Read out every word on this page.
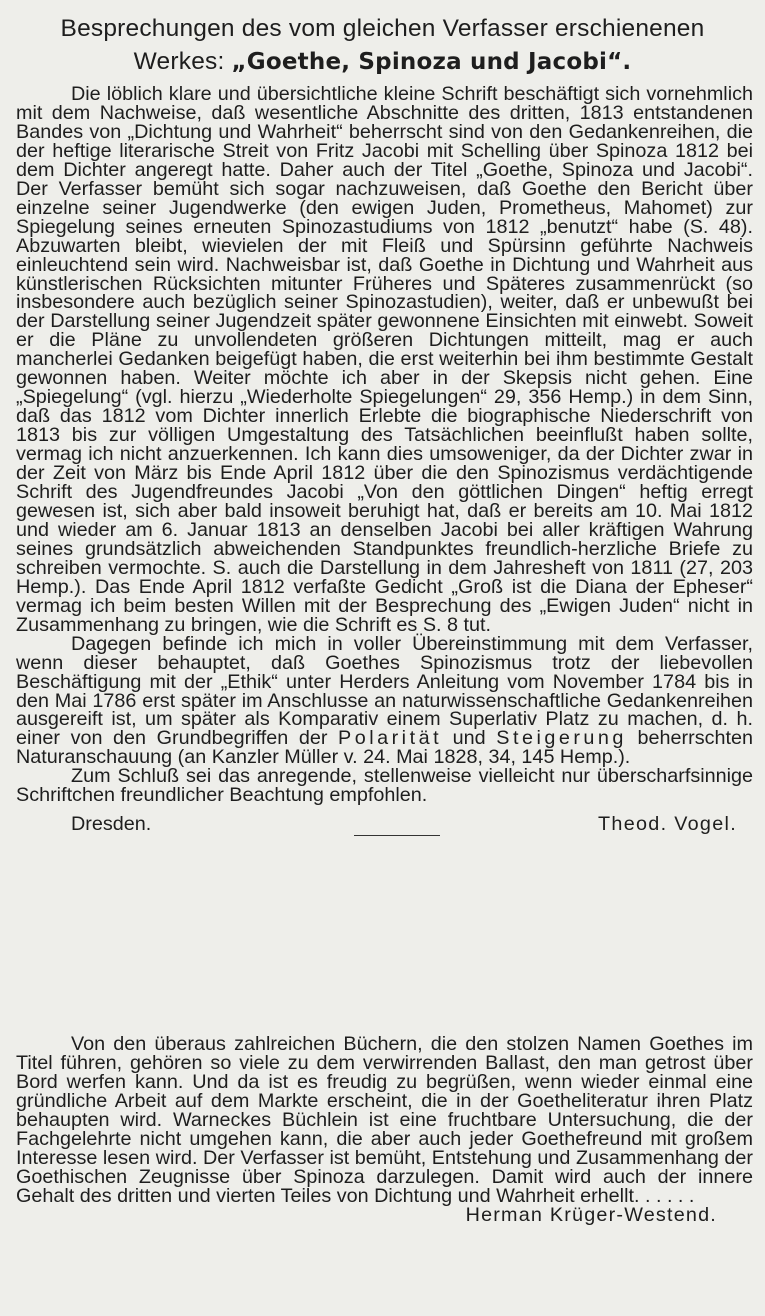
Besprechungen des vom gleichen Verfasser erschienenen
Werkes: „Goethe, Spinoza und Jacobi“.

Die löblich klare und übersichtliche kleine Schrift beschäftigt sich vornehmlich mit dem Nachweise, daß wesentliche Abschnitte des dritten, 1813 entstandenen Bandes von „Dichtung und Wahrheit“ beherrscht sind von den Gedankenreihen, die der heftige literarische Streit von Fritz Jacobi mit Schelling über Spinoza 1812 bei dem Dichter angeregt hatte. Daher auch der Titel „Goethe, Spinoza und Jacobi“. Der Verfasser bemüht sich sogar nachzuweisen, daß Goethe den Bericht über einzelne seiner Jugendwerke (den ewigen Juden, Prometheus, Mahomet) zur Spiegelung seines erneuten Spinozastudiums von 1812 „benutzt“ habe (S. 48). Abzuwarten bleibt, wievielen der mit Fleiß und Spürsinn geführte Nachweis einleuchtend sein wird. Nachweisbar ist, daß Goethe in Dichtung und Wahrheit aus künstlerischen Rücksichten mitunter Früheres und Späteres zusammenrückt (so insbesondere auch bezüglich seiner Spinozastudien), weiter, daß er unbewußt bei der Darstellung seiner Jugendzeit später gewonnene Einsichten mit einwebt. Soweit er die Pläne zu unvollendeten größeren Dichtungen mitteilt, mag er auch mancherlei Gedanken beigefügt haben, die erst weiterhin bei ihm bestimmte Gestalt gewonnen haben. Weiter möchte ich aber in der Skepsis nicht gehen. Eine „Spiegelung“ (vgl. hierzu „Wiederholte Spiegelungen“ 29, 356 Hemp.) in dem Sinn, daß das 1812 vom Dichter innerlich Erlebte die biographische Niederschrift von 1813 bis zur völligen Umgestaltung des Tatsächlichen beeinflußt haben sollte, vermag ich nicht anzuerkennen. Ich kann dies umsoweniger, da der Dichter zwar in der Zeit von März bis Ende April 1812 über die den Spinozismus verdächtigende Schrift des Jugendfreundes Jacobi „Von den göttlichen Dingen“ heftig erregt gewesen ist, sich aber bald insoweit beruhigt hat, daß er bereits am 10. Mai 1812 und wieder am 6. Januar 1813 an denselben Jacobi bei aller kräftigen Wahrung seines grundsätzlich abweichenden Standpunktes freundlich-herzliche Briefe zu schreiben vermochte. S. auch die Darstellung in dem Jahresheft von 1811 (27, 203 Hemp.). Das Ende April 1812 verfaßte Gedicht „Groß ist die Diana der Epheser“ vermag ich beim besten Willen mit der Besprechung des „Ewigen Juden“ nicht in Zusammenhang zu bringen, wie die Schrift es S. 8 tut.

Dagegen befinde ich mich in voller Übereinstimmung mit dem Verfasser, wenn dieser behauptet, daß Goethes Spinozismus trotz der liebevollen Beschäftigung mit der „Ethik“ unter Herders Anleitung vom November 1784 bis in den Mai 1786 erst später im Anschlusse an naturwissenschaftliche Gedankenreihen ausgereift ist, um später als Komparativ einem Superlativ Platz zu machen, d. h. einer von den Grundbegriffen der Polarität und Steigerung beherrschten Naturanschauung (an Kanzler Müller v. 24. Mai 1828, 34, 145 Hemp.).

Zum Schluß sei das anregende, stellenweise vielleicht nur überscharfsinnige Schriftchen freundlicher Beachtung empfohlen.

Dresden.	Theod. Vogel.

Von den überaus zahlreichen Büchern, die den stolzen Namen Goethes im Titel führen, gehören so viele zu dem verwirrenden Ballast, den man getrost über Bord werfen kann. Und da ist es freudig zu begrüßen, wenn wieder einmal eine gründliche Arbeit auf dem Markte erscheint, die in der Goetheliteratur ihren Platz behaupten wird. Warneckes Büchlein ist eine fruchtbare Untersuchung, die der Fachgelehrte nicht umgehen kann, die aber auch jeder Goethefreund mit großem Interesse lesen wird. Der Verfasser ist bemüht, Entstehung und Zusammenhang der Goethischen Zeugnisse über Spinoza darzulegen. Damit wird auch der innere Gehalt des dritten und vierten Teiles von Dichtung und Wahrheit erhellt. . . . . .

Herman Krüger-Westend.
